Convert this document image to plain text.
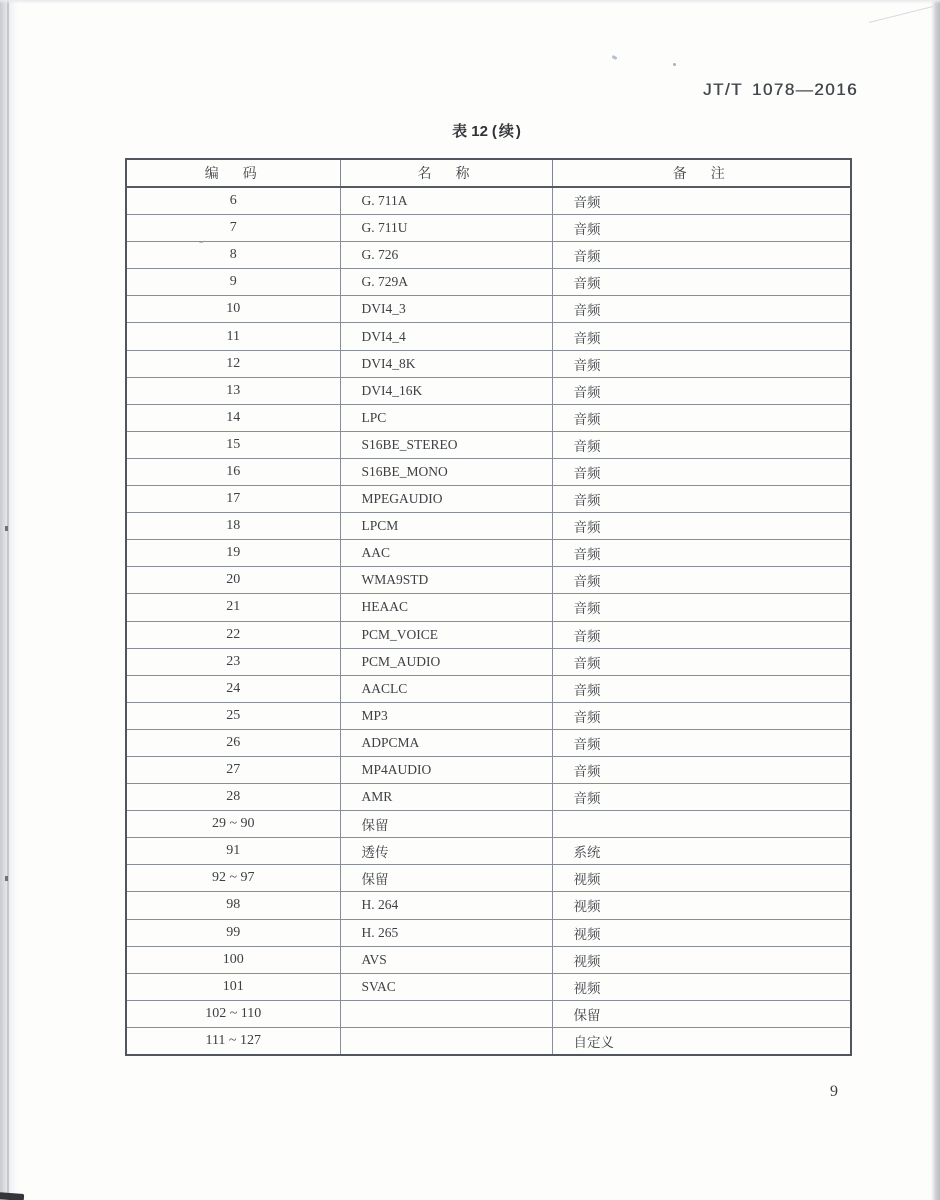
JT/T 1078—2016
表 12 (续)
编　码	名　称	备　注
6	G. 711A	音频
7	G. 711U	音频
8	G. 726	音频
9	G. 729A	音频
10	DVI4_3	音频
11	DVI4_4	音频
12	DVI4_8K	音频
13	DVI4_16K	音频
14	LPC	音频
15	S16BE_STEREO	音频
16	S16BE_MONO	音频
17	MPEGAUDIO	音频
18	LPCM	音频
19	AAC	音频
20	WMA9STD	音频
21	HEAAC	音频
22	PCM_VOICE	音频
23	PCM_AUDIO	音频
24	AACLC	音频
25	MP3	音频
26	ADPCMA	音频
27	MP4AUDIO	音频
28	AMR	音频
29 ~ 90	保留	
91	透传	系统
92 ~ 97	保留	视频
98	H. 264	视频
99	H. 265	视频
100	AVS	视频
101	SVAC	视频
102 ~ 110		保留
111 ~ 127		自定义
9
